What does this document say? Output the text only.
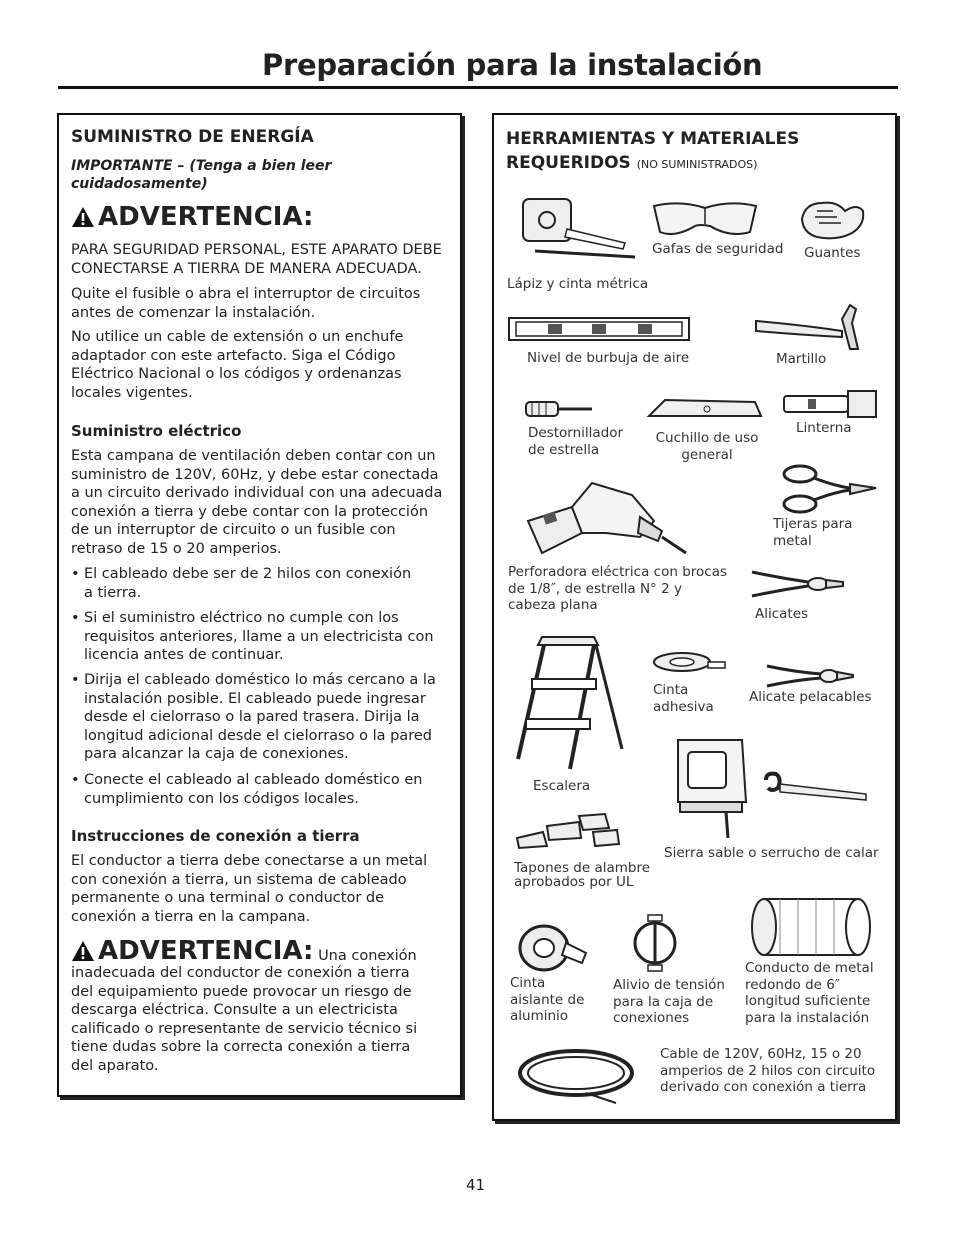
Preparación para la instalación
SUMINISTRO DE ENERGÍA
IMPORTANTE – (Tenga a bien leer cuidadosamente)
ADVERTENCIA:
PARA SEGURIDAD PERSONAL, ESTE APARATO DEBE CONECTARSE A TIERRA DE MANERA ADECUADA.
Quite el fusible o abra el interruptor de circuitos antes de comenzar la instalación.
No utilice un cable de extensión o un enchufe adaptador con este artefacto. Siga el Código Eléctrico Nacional o los códigos y ordenanzas locales vigentes.
Suministro eléctrico
Esta campana de ventilación deben contar con un suministro de 120V, 60Hz, y debe estar conectada a un circuito derivado individual con una adecuada conexión a tierra y debe contar con la protección de un interruptor de circuito o un fusible con retraso de 15 o 20 amperios.
• El cableado debe ser de 2 hilos con conexión a tierra.
• Si el suministro eléctrico no cumple con los requisitos anteriores, llame a un electricista con licencia antes de continuar.
• Dirija el cableado doméstico lo más cercano a la instalación posible. El cableado puede ingresar desde el cielorraso o la pared trasera. Dirija la longitud adicional desde el cielorraso o la pared para alcanzar la caja de conexiones.
• Conecte el cableado al cableado doméstico en cumplimiento con los códigos locales.
Instrucciones de conexión a tierra
El conductor a tierra debe conectarse a un metal con conexión a tierra, un sistema de cableado permanente o una terminal o conductor de conexión a tierra en la campana.
ADVERTENCIA: Una conexión
inadecuada del conductor de conexión a tierra del equipamiento puede provocar un riesgo de descarga eléctrica. Consulte a un electricista calificado o representante de servicio técnico si tiene dudas sobre la correcta conexión a tierra del aparato.
HERRAMIENTAS Y MATERIALES
REQUERIDOS (NO SUMINISTRADOS)
Lápiz y cinta métrica
Gafas de seguridad Guantes
Nivel de burbuja de aire	Martillo
Destornillador de estrella
Cuchillo de uso general
Linterna
Tijeras para metal
Perforadora eléctrica con brocas de 1/8″, de estrella N° 2 y cabeza plana
Alicates
Escalera
Cinta adhesiva
Alicate pelacables
Sierra sable o serrucho de calar
Tapones de alambre aprobados por UL
Cinta aislante de aluminio
Alivio de tensión para la caja de conexiones
Conducto de metal redondo de 6″ longitud suficiente para la instalación
Cable de 120V, 60Hz, 15 o 20 amperios de 2 hilos con circuito derivado con conexión a tierra
41
